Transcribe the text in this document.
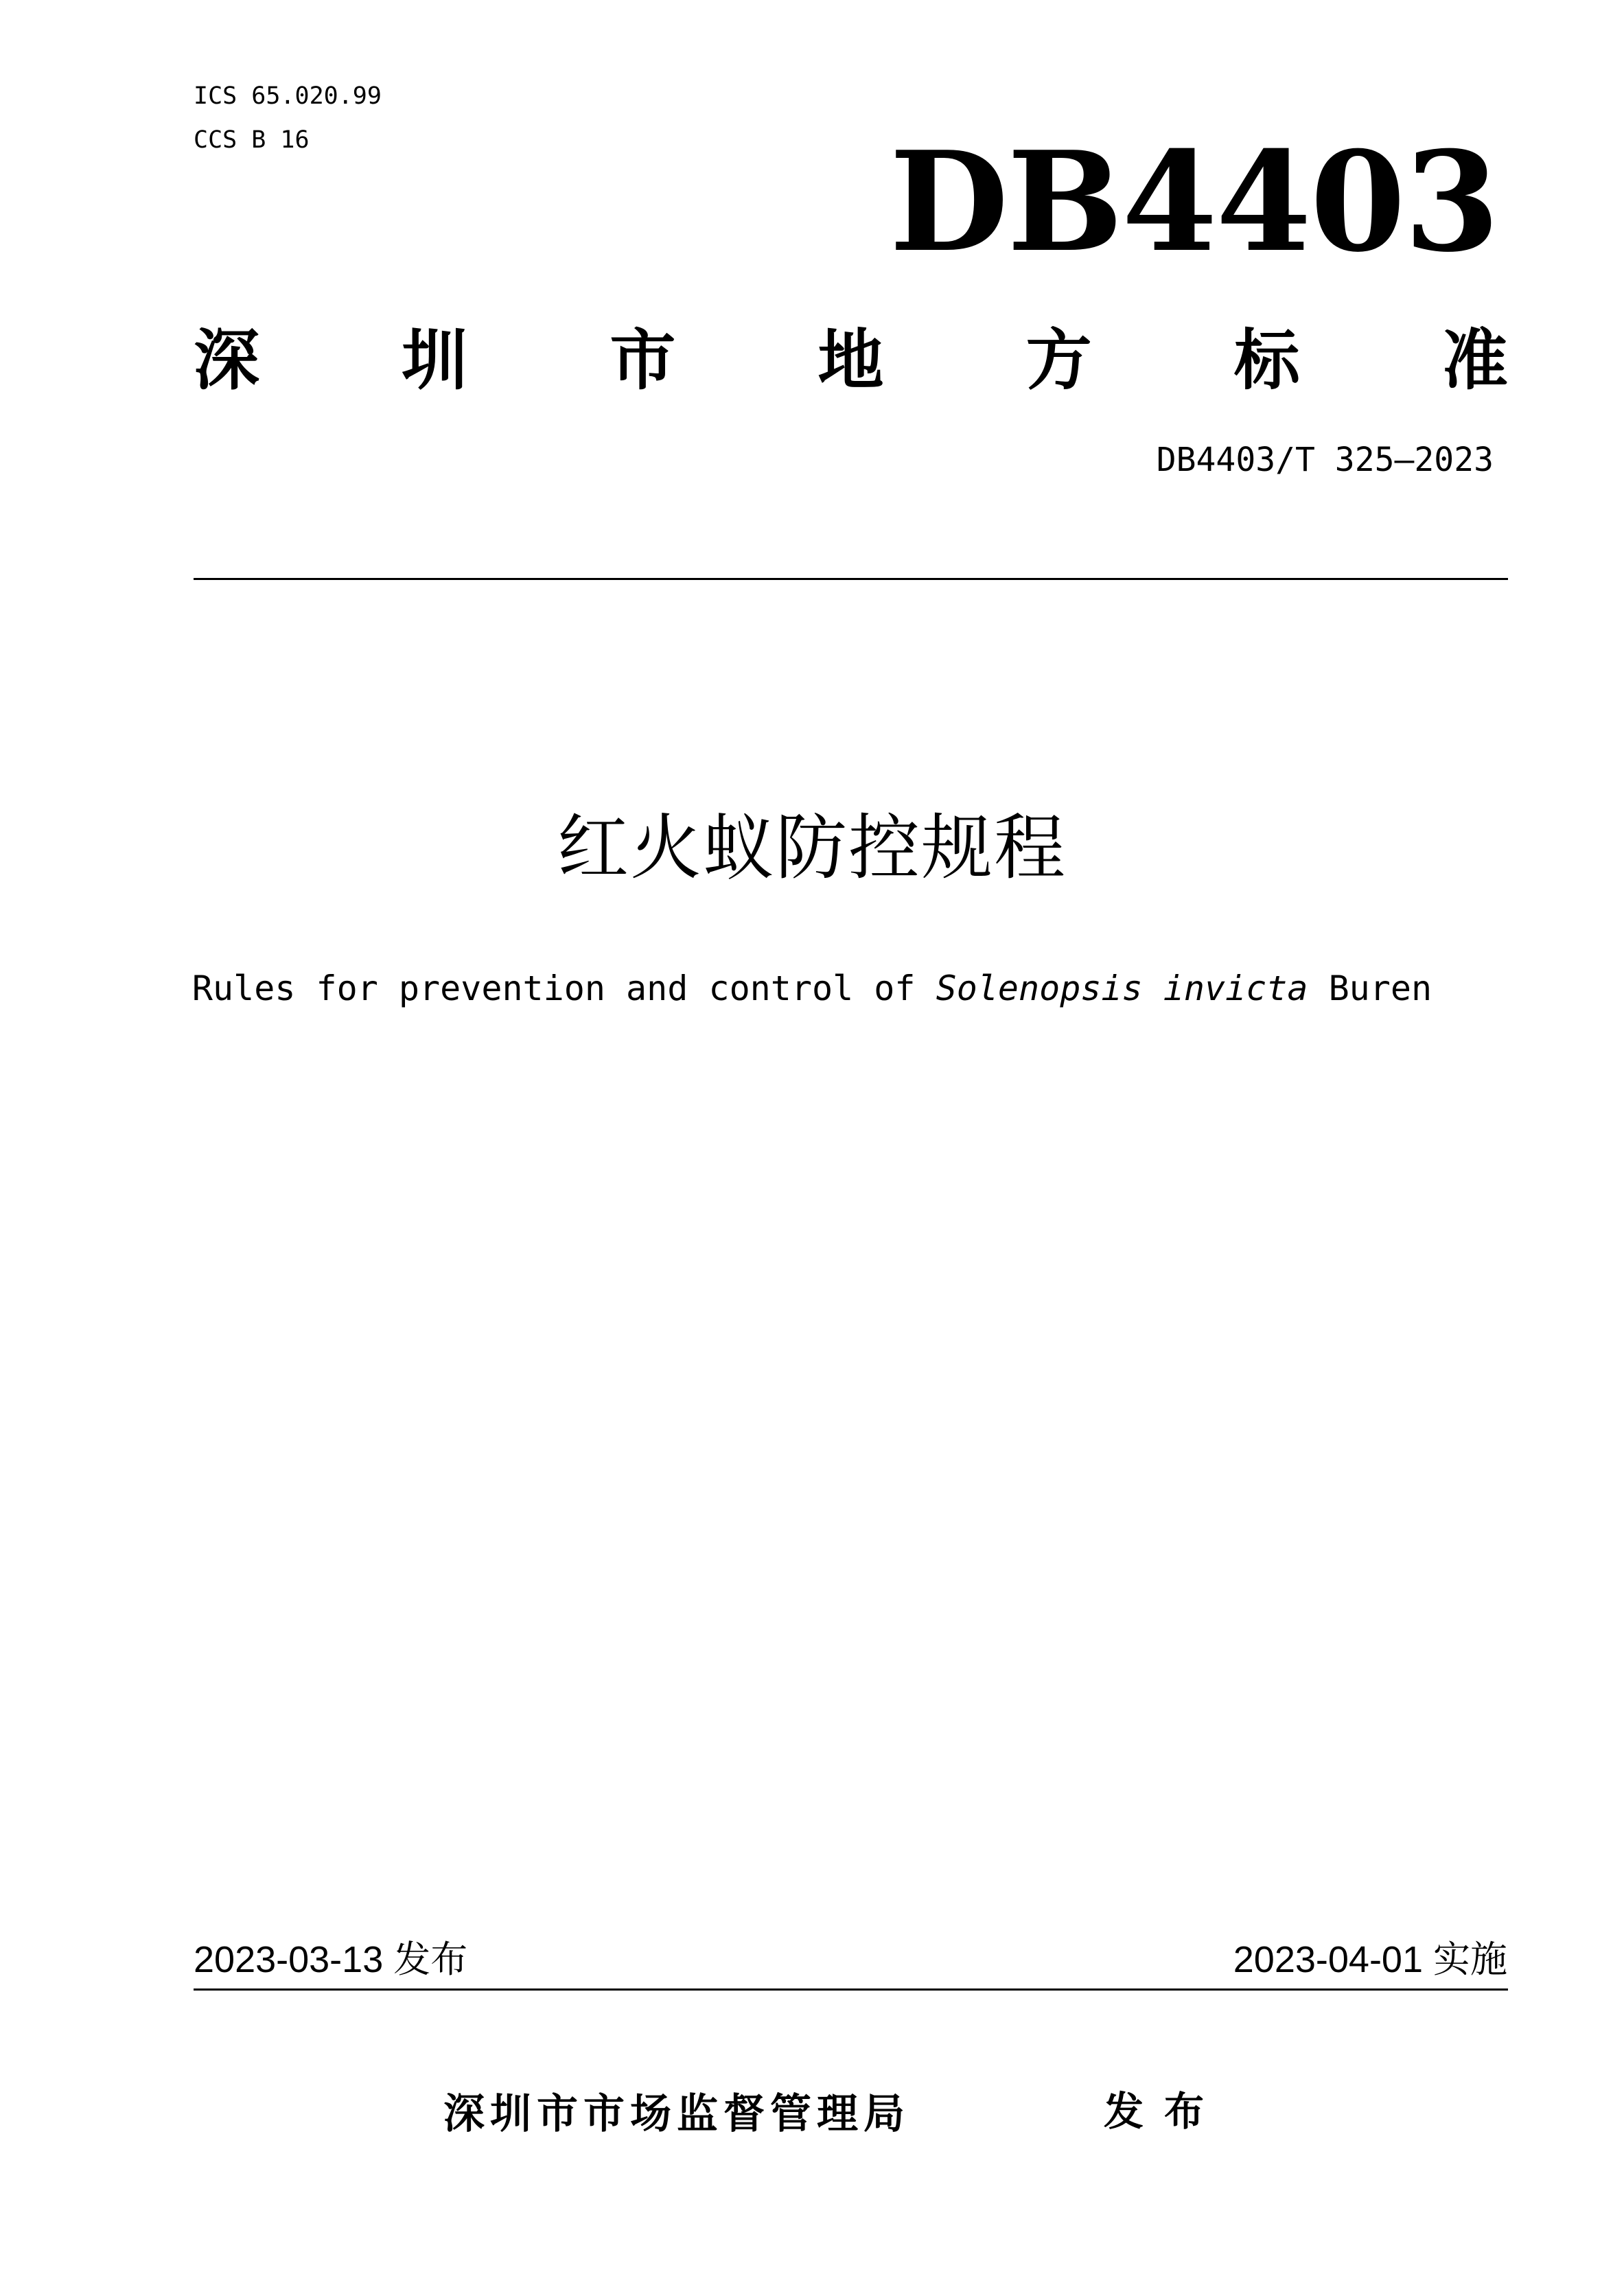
ICS 65.020.99
CCS B 16	DB4403
深 圳 市 地 方 标 准
DB4403/T 325—2023
红火蚁防控规程
Rules for prevention and control of Solenopsis invicta Buren
2023-03-13 发布	2023-04-01 实施
深圳市市场监督管理局	发布
